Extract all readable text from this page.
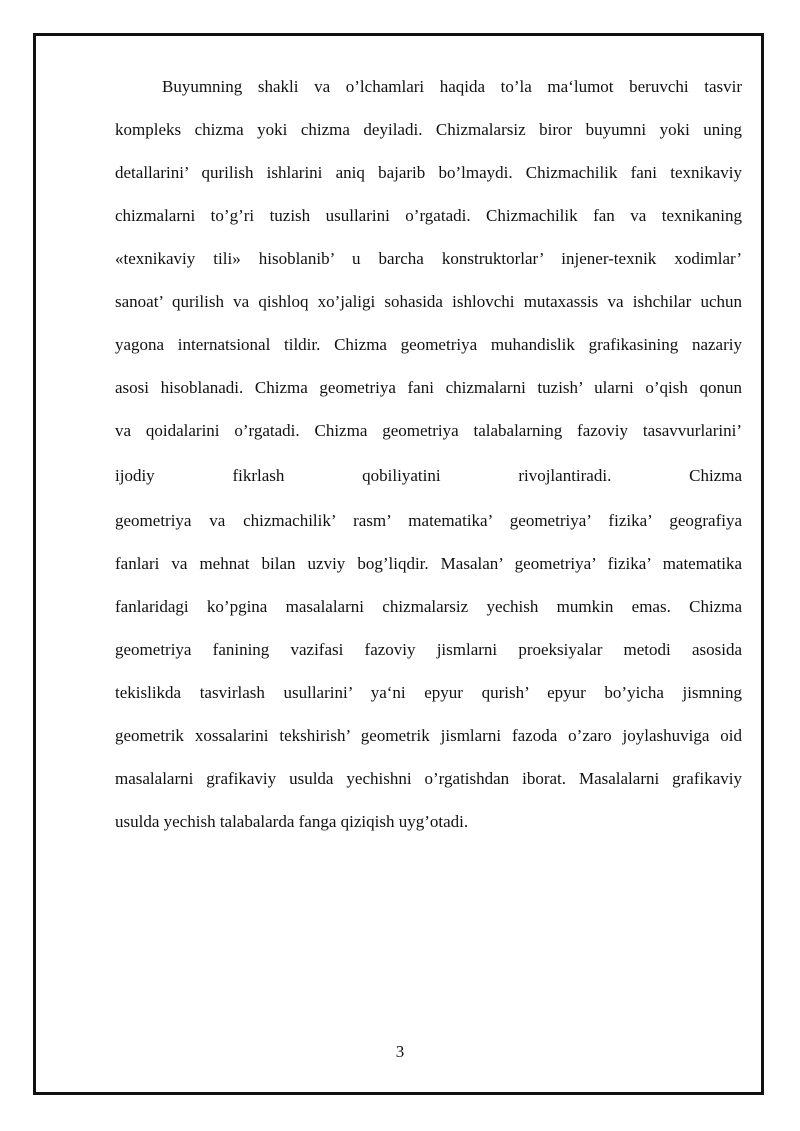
Buyumning shakli va o’lchamlari haqida to’la ma‘lumot beruvchi tasvir
kompleks chizma yoki chizma deyiladi. Chizmalarsiz biror buyumni yoki uning
detallarini’ qurilish ishlarini aniq bajarib bo’lmaydi. Chizmachilik fani texnikaviy
chizmalarni to’g’ri tuzish usullarini o’rgatadi. Chizmachilik fan va texnikaning
«texnikaviy tili» hisoblanib’ u barcha konstruktorlar’ injener-texnik xodimlar’
sanoat’ qurilish va qishloq xo’jaligi sohasida ishlovchi mutaxassis va ishchilar uchun
yagona internatsional tildir. Chizma geometriya muhandislik grafikasining nazariy
asosi hisoblanadi. Chizma geometriya fani chizmalarni tuzish’ ularni o’qish qonun
va qoidalarini o’rgatadi. Chizma geometriya talabalarning fazoviy tasavvurlarini’
ijodiy fikrlash qobiliyatini rivojlantiradi. Chizma
geometriya va chizmachilik’ rasm’ matematika’ geometriya’ fizika’ geografiya
fanlari va mehnat bilan uzviy bog’liqdir. Masalan’ geometriya’ fizika’ matematika
fanlaridagi ko’pgina masalalarni chizmalarsiz yechish mumkin emas. Chizma
geometriya fanining vazifasi fazoviy jismlarni proeksiyalar metodi asosida
tekislikda tasvirlash usullarini’ ya‘ni epyur qurish’ epyur bo’yicha jismning
geometrik xossalarini tekshirish’ geometrik jismlarni fazoda o’zaro joylashuviga oid
masalalarni grafikaviy usulda yechishni o’rgatishdan iborat. Masalalarni grafikaviy
usulda yechish talabalarda fanga qiziqish uyg’otadi.
3
